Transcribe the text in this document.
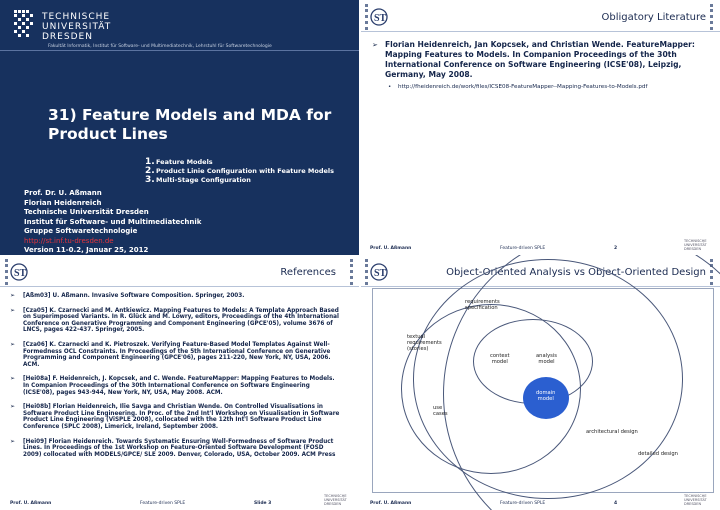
TECHNISCHE
UNIVERSITÄT
DRESDEN
Fakultät Informatik, Institut für Software- und Multimediatechnik, Lehrstuhl für Softwaretechnologie
31) Feature Models and MDA for Product Lines
1. Feature Models
2. Product Linie Configuration with Feature Models
3. Multi-Stage Configuration
Prof. Dr. U. Aßmann
Florian Heidenreich
Technische Universität Dresden
Institut für Software- und Multimediatechnik
Gruppe Softwaretechnologie
http://st.inf.tu-dresden.de
Version 11-0.2, Januar 25, 2012
ST	Obligatory Literature
➢ Florian Heidenreich, Jan Kopcsek, and Christian Wende. FeatureMapper: Mapping Features to Models. In Companion Proceedings of the 30th International Conference on Software Engineering (ICSE'08), Leipzig, Germany, May 2008.
• http://fheidenreich.de/work/files/ICSE08-FeatureMapper--Mapping-Features-to-Models.pdf
Prof. U. Aßmann	Feature-driven SPLE	2
TECHNISCHE
UNIVERSITÄT
DRESDEN
ST	References
➢ [Aßm03] U. Aßmann. Invasive Software Composition. Springer, 2003.
➢ [Cza05] K. Czarnecki and M. Antkiewicz. Mapping Features to Models: A Template Approach Based on Superimposed Variants. In R. Glück and M. Lowry, editors, Proceedings of the 4th International Conference on Generative Programming and Component Engineering (GPCE'05), volume 3676 of LNCS, pages 422-437. Springer, 2005.
➢ [Cza06] K. Czarnecki and K. Pietroszek. Verifying Feature-Based Model Templates Against Well-Formedness OCL Constraints. In Proceedings of the 5th International Conference on Generative Programming and Component Engineering (GPCE'06), pages 211-220, New York, NY, USA, 2006. ACM.
➢ [Hei08a] F. Heidenreich, J. Kopcsek, and C. Wende. FeatureMapper: Mapping Features to Models. In Companion Proceedings of the 30th International Conference on Software Engineering (ICSE'08), pages 943-944, New York, NY, USA, May 2008. ACM.
➢ [Hei08b] Florian Heidenreich, Ilie Savga and Christian Wende. On Controlled Visualisations in Software Product Line Engineering. In Proc. of the 2nd Int'l Workshop on Visualisation in Software Product Line Engineering (ViSPLE 2008), collocated with the 12th Int'l Software Product Line Conference (SPLC 2008), Limerick, Ireland, September 2008.
➢ [Hei09] Florian Heidenreich. Towards Systematic Ensuring Well-Formedness of Software Product Lines. In Proceedings of the 1st Workshop on Feature-Oriented Software Development (FOSD 2009) collocated with MODELS/GPCE/ SLE 2009. Denver, Colorado, USA, October 2009. ACM Press
Prof. U. Aßmann	Feature-driven SPLE	Slide 3
TECHNISCHE
UNIVERSITÄT
DRESDEN
ST	Object-Oriented Analysis vs Object-Oriented Design
requirements
specification
textual
requirements
(stories)
context
model
analysis
model
domain
model
use
cases
architectural design
detailed design
Prof. U. Aßmann	Feature-driven SPLE	4
TECHNISCHE
UNIVERSITÄT
DRESDEN
